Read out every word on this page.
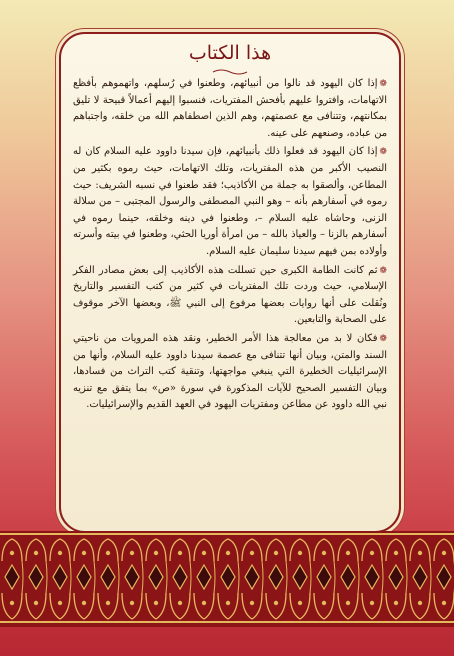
هذا الكتاب

❁إذا كان اليهود قد نالوا من أنبيائهم، وطعنوا في رُسلهم، واتهموهم بأفظع الاتهامات، وافتروا عليهم بأفحش المفتريات، فنسبوا إليهم أعمالاً قبيحة لا تليق بمكانتهم، وتتنافى مع عصمتهم، وهم الذين اصطفاهم الله من خلقه، واجتباهم من عباده، وصنعهم على عينه.

❁إذا كان اليهود قد فعلوا ذلك بأنبيائهم، فإن سيدنا داوود عليه السلام كان له النصيب الأكبر من هذه المفتريات، وتلك الاتهامات، حيث رموه بكثير من المطاعن، وألصقوا به جملة من الأكاذيب؛ فقد طعنوا في نسبه الشريف: حيث رموه في أسفارهم بأنه – وهو النبي المصطفى والرسول المجتبى – من سلالة الزنى، وحاشاه عليه السلام –، وطعنوا في دينه وخلقه، حينما رموه في أسفارهم بالزنا – والعياذ بالله – من امرأة أوريا الحثي، وطعنوا في بيته وأسرته وأولاده بمن فيهم سيدنا سليمان عليه السلام.

❁ثم كانت الطامة الكبرى حين تسللت هذه الأكاذيب إلى بعض مصادر الفكر الإسلامي، حيث وردت تلك المفتريات في كثير من كتب التفسير والتاريخ ونُقلت على أنها روايات بعضها مرفوع إلى النبي ﷺ، وبعضها الآخر موقوف على الصحابة والتابعين.

❁فكان لا بد من معالجة هذا الأمر الخطير، ونقد هذه المرويات من ناحيتي السند والمتن، وبيان أنها تتنافى مع عصمة سيدنا داوود عليه السلام، وأنها من الإسرائيليات الخطيرة التي ينبغي مواجهتها، وتنقية كتب التراث من فسادها، وبيان التفسير الصحيح للآيات المذكورة في سورة «ص» بما يتفق مع تنزيه نبي الله داوود عن مطاعن ومفتريات اليهود في العهد القديم والإسرائيليات.
